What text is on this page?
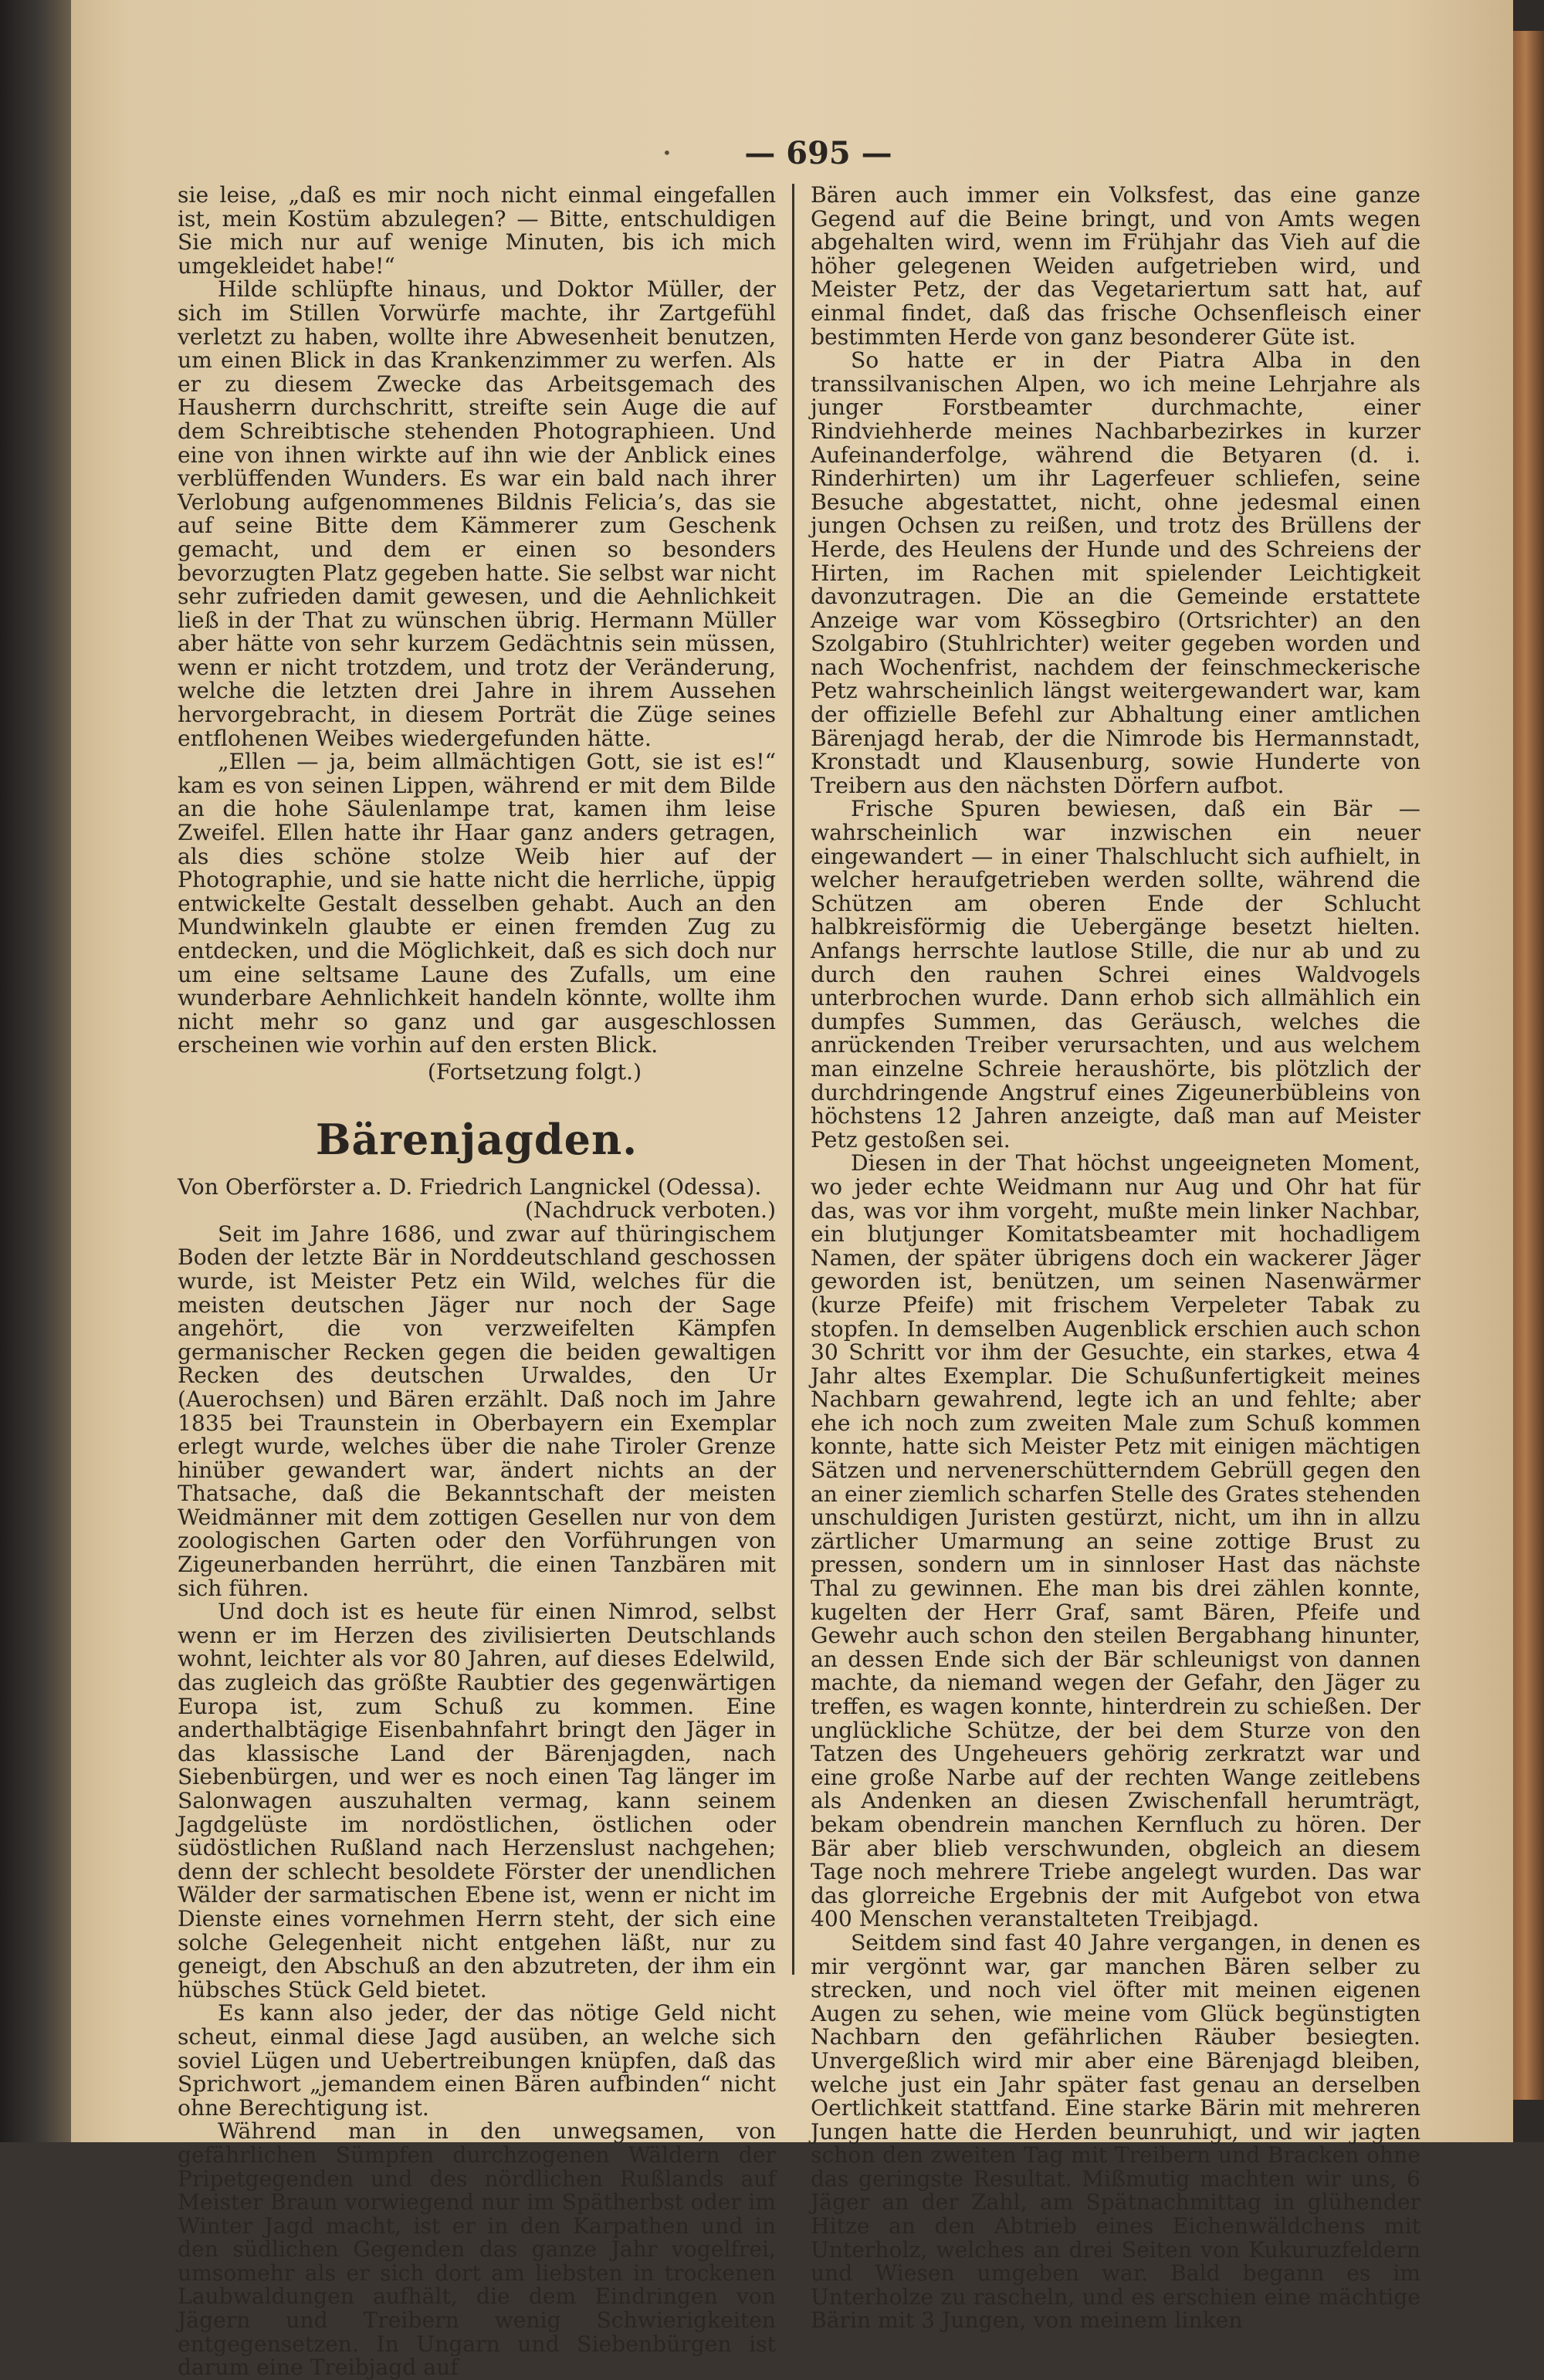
• — 695 —

sie leise, „daß es mir noch nicht einmal eingefallen ist, mein Kostüm abzulegen? — Bitte, entschuldigen Sie mich nur auf wenige Minuten, bis ich mich umgekleidet habe!“

Hilde schlüpfte hinaus, und Doktor Müller, der sich im Stillen Vorwürfe machte, ihr Zartgefühl verletzt zu haben, wollte ihre Abwesenheit benutzen, um einen Blick in das Krankenzimmer zu werfen. Als er zu diesem Zwecke das Arbeitsgemach des Hausherrn durchschritt, streifte sein Auge die auf dem Schreibtische stehenden Photographieen. Und eine von ihnen wirkte auf ihn wie der Anblick eines verblüffenden Wunders. Es war ein bald nach ihrer Verlobung aufgenommenes Bildnis Felicia’s, das sie auf seine Bitte dem Kämmerer zum Geschenk gemacht, und dem er einen so besonders bevorzugten Platz gegeben hatte. Sie selbst war nicht sehr zufrieden damit gewesen, und die Aehnlichkeit ließ in der That zu wünschen übrig. Hermann Müller aber hätte von sehr kurzem Gedächtnis sein müssen, wenn er nicht trotzdem, und trotz der Veränderung, welche die letzten drei Jahre in ihrem Aussehen hervorgebracht, in diesem Porträt die Züge seines entflohenen Weibes wiedergefunden hätte.

„Ellen — ja, beim allmächtigen Gott, sie ist es!“ kam es von seinen Lippen, während er mit dem Bilde an die hohe Säulenlampe trat, kamen ihm leise Zweifel. Ellen hatte ihr Haar ganz anders getragen, als dies schöne stolze Weib hier auf der Photographie, und sie hatte nicht die herrliche, üppig entwickelte Gestalt desselben gehabt. Auch an den Mundwinkeln glaubte er einen fremden Zug zu entdecken, und die Möglichkeit, daß es sich doch nur um eine seltsame Laune des Zufalls, um eine wunderbare Aehnlichkeit handeln könnte, wollte ihm nicht mehr so ganz und gar ausgeschlossen erscheinen wie vorhin auf den ersten Blick.

(Fortsetzung folgt.)

Bärenjagden.

Von Oberförster a. D. Friedrich Langnickel (Odessa).

(Nachdruck verboten.)

Seit im Jahre 1686, und zwar auf thüringischem Boden der letzte Bär in Norddeutschland geschossen wurde, ist Meister Petz ein Wild, welches für die meisten deutschen Jäger nur noch der Sage angehört, die von verzweifelten Kämpfen germanischer Recken gegen die beiden gewaltigen Recken des deutschen Urwaldes, den Ur (Auerochsen) und Bären erzählt. Daß noch im Jahre 1835 bei Traunstein in Oberbayern ein Exemplar erlegt wurde, welches über die nahe Tiroler Grenze hinüber gewandert war, ändert nichts an der Thatsache, daß die Bekanntschaft der meisten Weidmänner mit dem zottigen Gesellen nur von dem zoologischen Garten oder den Vorführungen von Zigeunerbanden herrührt, die einen Tanzbären mit sich führen.

Und doch ist es heute für einen Nimrod, selbst wenn er im Herzen des zivilisierten Deutschlands wohnt, leichter als vor 80 Jahren, auf dieses Edelwild, das zugleich das größte Raubtier des gegenwärtigen Europa ist, zum Schuß zu kommen. Eine anderthalbtägige Eisenbahnfahrt bringt den Jäger in das klassische Land der Bärenjagden, nach Siebenbürgen, und wer es noch einen Tag länger im Salonwagen auszuhalten vermag, kann seinem Jagdgelüste im nordöstlichen, östlichen oder südöstlichen Rußland nach Herzenslust nachgehen; denn der schlecht besoldete Förster der unendlichen Wälder der sarmatischen Ebene ist, wenn er nicht im Dienste eines vornehmen Herrn steht, der sich eine solche Gelegenheit nicht entgehen läßt, nur zu geneigt, den Abschuß an den abzutreten, der ihm ein hübsches Stück Geld bietet.

Es kann also jeder, der das nötige Geld nicht scheut, einmal diese Jagd ausüben, an welche sich soviel Lügen und Uebertreibungen knüpfen, daß das Sprichwort „jemandem einen Bären aufbinden“ nicht ohne Berechtigung ist.

Während man in den unwegsamen, von gefährlichen Sümpfen durchzogenen Wäldern der Pripetgegenden und des nördlichen Rußlands auf Meister Braun vorwiegend nur im Spätherbst oder im Winter Jagd macht, ist er in den Karpathen und in den südlichen Gegenden das ganze Jahr vogelfrei, umsomehr als er sich dort am liebsten in trockenen Laubwaldungen aufhält, die dem Eindringen von Jägern und Treibern wenig Schwierigkeiten entgegensetzen. In Ungarn und Siebenbürgen ist darum eine Treibjagd auf

Bären auch immer ein Volksfest, das eine ganze Gegend auf die Beine bringt, und von Amts wegen abgehalten wird, wenn im Frühjahr das Vieh auf die höher gelegenen Weiden aufgetrieben wird, und Meister Petz, der das Vegetariertum satt hat, auf einmal findet, daß das frische Ochsenfleisch einer bestimmten Herde von ganz besonderer Güte ist.

So hatte er in der Piatra Alba in den transsilvanischen Alpen, wo ich meine Lehrjahre als junger Forstbeamter durchmachte, einer Rindviehherde meines Nachbarbezirkes in kurzer Aufeinanderfolge, während die Betyaren (d. i. Rinderhirten) um ihr Lagerfeuer schliefen, seine Besuche abgestattet, nicht, ohne jedesmal einen jungen Ochsen zu reißen, und trotz des Brüllens der Herde, des Heulens der Hunde und des Schreiens der Hirten, im Rachen mit spielender Leichtigkeit davonzutragen. Die an die Gemeinde erstattete Anzeige war vom Kössegbiro (Ortsrichter) an den Szolgabiro (Stuhlrichter) weiter gegeben worden und nach Wochenfrist, nachdem der feinschmeckerische Petz wahrscheinlich längst weitergewandert war, kam der offizielle Befehl zur Abhaltung einer amtlichen Bärenjagd herab, der die Nimrode bis Hermannstadt, Kronstadt und Klausenburg, sowie Hunderte von Treibern aus den nächsten Dörfern aufbot.

Frische Spuren bewiesen, daß ein Bär — wahrscheinlich war inzwischen ein neuer eingewandert — in einer Thalschlucht sich aufhielt, in welcher heraufgetrieben werden sollte, während die Schützen am oberen Ende der Schlucht halbkreisförmig die Uebergänge besetzt hielten. Anfangs herrschte lautlose Stille, die nur ab und zu durch den rauhen Schrei eines Waldvogels unterbrochen wurde. Dann erhob sich allmählich ein dumpfes Summen, das Geräusch, welches die anrückenden Treiber verursachten, und aus welchem man einzelne Schreie heraushörte, bis plötzlich der durchdringende Angstruf eines Zigeunerbübleins von höchstens 12 Jahren anzeigte, daß man auf Meister Petz gestoßen sei.

Diesen in der That höchst ungeeigneten Moment, wo jeder echte Weidmann nur Aug und Ohr hat für das, was vor ihm vorgeht, mußte mein linker Nachbar, ein blutjunger Komitatsbeamter mit hochadligem Namen, der später übrigens doch ein wackerer Jäger geworden ist, benützen, um seinen Nasenwärmer (kurze Pfeife) mit frischem Verpeleter Tabak zu stopfen. In demselben Augenblick erschien auch schon 30 Schritt vor ihm der Gesuchte, ein starkes, etwa 4 Jahr altes Exemplar. Die Schußunfertigkeit meines Nachbarn gewahrend, legte ich an und fehlte; aber ehe ich noch zum zweiten Male zum Schuß kommen konnte, hatte sich Meister Petz mit einigen mächtigen Sätzen und nervenerschütterndem Gebrüll gegen den an einer ziemlich scharfen Stelle des Grates stehenden unschuldigen Juristen gestürzt, nicht, um ihn in allzu zärtlicher Umarmung an seine zottige Brust zu pressen, sondern um in sinnloser Hast das nächste Thal zu gewinnen. Ehe man bis drei zählen konnte, kugelten der Herr Graf, samt Bären, Pfeife und Gewehr auch schon den steilen Bergabhang hinunter, an dessen Ende sich der Bär schleunigst von dannen machte, da niemand wegen der Gefahr, den Jäger zu treffen, es wagen konnte, hinterdrein zu schießen. Der unglückliche Schütze, der bei dem Sturze von den Tatzen des Ungeheuers gehörig zerkratzt war und eine große Narbe auf der rechten Wange zeitlebens als Andenken an diesen Zwischenfall herumträgt, bekam obendrein manchen Kernfluch zu hören. Der Bär aber blieb verschwunden, obgleich an diesem Tage noch mehrere Triebe angelegt wurden. Das war das glorreiche Ergebnis der mit Aufgebot von etwa 400 Menschen veranstalteten Treibjagd.

Seitdem sind fast 40 Jahre vergangen, in denen es mir vergönnt war, gar manchen Bären selber zu strecken, und noch viel öfter mit meinen eigenen Augen zu sehen, wie meine vom Glück begünstigten Nachbarn den gefährlichen Räuber besiegten. Unvergeßlich wird mir aber eine Bärenjagd bleiben, welche just ein Jahr später fast genau an derselben Oertlichkeit stattfand. Eine starke Bärin mit mehreren Jungen hatte die Herden beunruhigt, und wir jagten schon den zweiten Tag mit Treibern und Bracken ohne das geringste Resultat. Mißmutig machten wir uns, 6 Jäger an der Zahl, am Spätnachmittag in glühender Hitze an den Abtrieb eines Eichenwäldchens mit Unterholz, welches an drei Seiten von Kukuruzfeldern und Wiesen umgeben war. Bald begann es im Unterholze zu rascheln, und es erschien eine mächtige Bärin mit 3 Jungen, von meinem linken
